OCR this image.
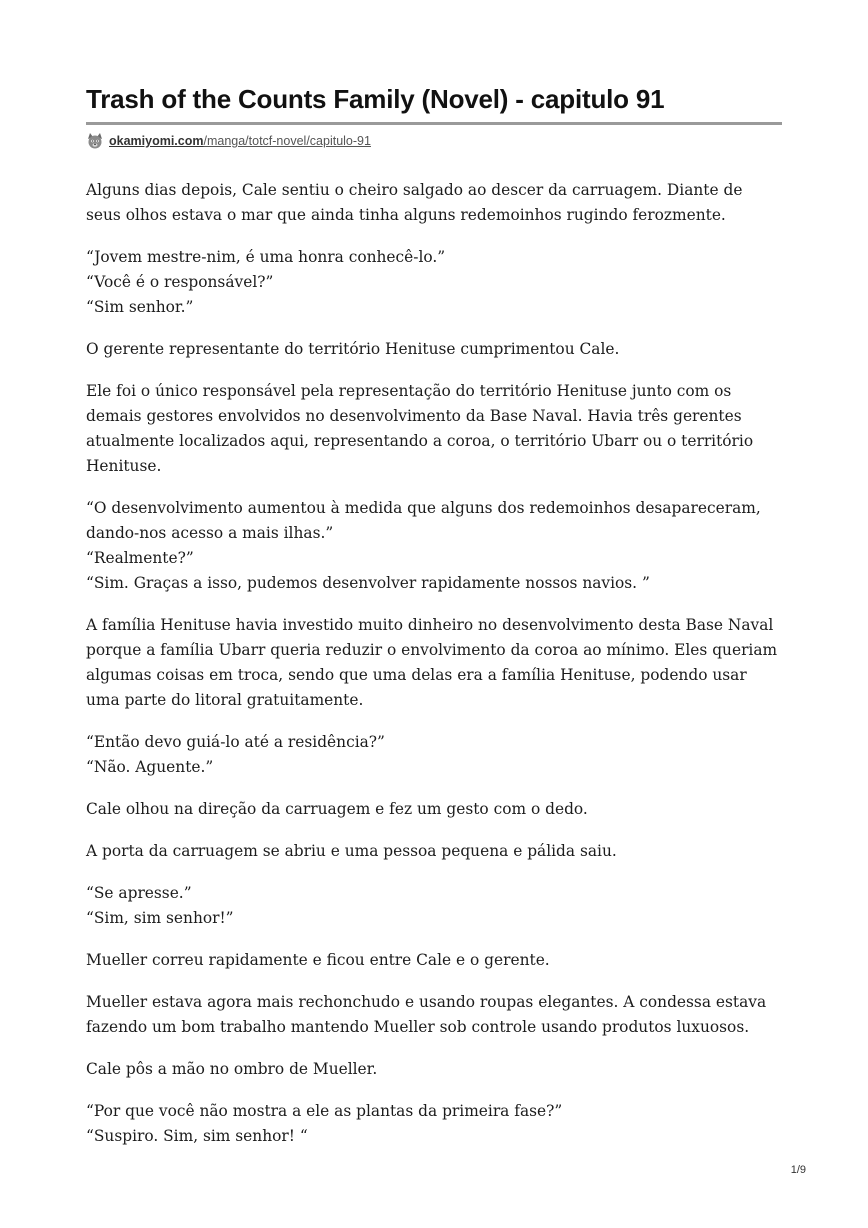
Trash of the Counts Family (Novel) - capitulo 91
okamiyomi.com /manga/totcf-novel/capitulo-91

Alguns dias depois, Cale sentiu o cheiro salgado ao descer da carruagem. Diante de seus olhos estava o mar que ainda tinha alguns redemoinhos rugindo ferozmente.

“Jovem mestre-nim, é uma honra conhecê-lo.”
“Você é o responsável?”
“Sim senhor.”

O gerente representante do território Henituse cumprimentou Cale.

Ele foi o único responsável pela representação do território Henituse junto com os demais gestores envolvidos no desenvolvimento da Base Naval. Havia três gerentes atualmente localizados aqui, representando a coroa, o território Ubarr ou o território Henituse.

“O desenvolvimento aumentou à medida que alguns dos redemoinhos desapareceram, dando-nos acesso a mais ilhas.”
“Realmente?”
“Sim. Graças a isso, pudemos desenvolver rapidamente nossos navios. ”

A família Henituse havia investido muito dinheiro no desenvolvimento desta Base Naval porque a família Ubarr queria reduzir o envolvimento da coroa ao mínimo. Eles queriam algumas coisas em troca, sendo que uma delas era a família Henituse, podendo usar uma parte do litoral gratuitamente.

“Então devo guiá-lo até a residência?”
“Não. Aguente.”

Cale olhou na direção da carruagem e fez um gesto com o dedo.

A porta da carruagem se abriu e uma pessoa pequena e pálida saiu.

“Se apresse.”
“Sim, sim senhor!”

Mueller correu rapidamente e ficou entre Cale e o gerente.

Mueller estava agora mais rechonchudo e usando roupas elegantes. A condessa estava fazendo um bom trabalho mantendo Mueller sob controle usando produtos luxuosos.

Cale pôs a mão no ombro de Mueller.

“Por que você não mostra a ele as plantas da primeira fase?”
“Suspiro. Sim, sim senhor! “

1/9
